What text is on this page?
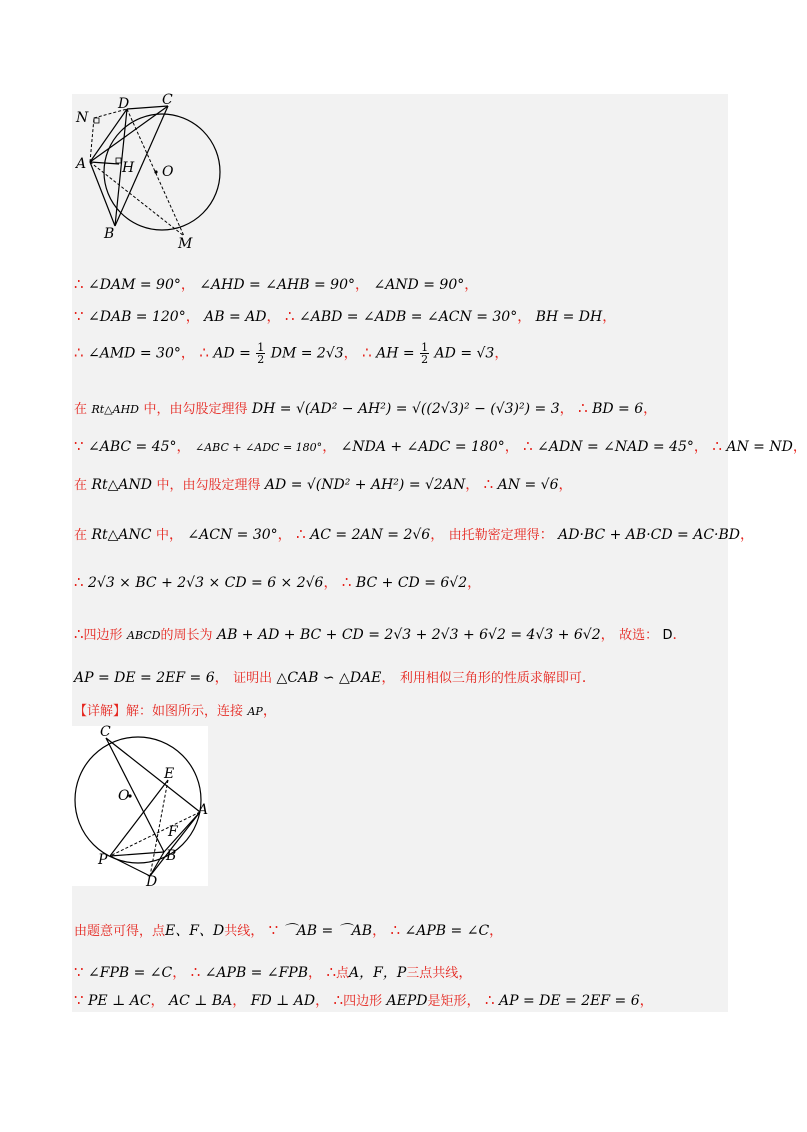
N
D C
A	H O
B
M
∴ ∠DAM = 90°， ∠AHD = ∠AHB = 90°， ∠AND = 90°，
∵ ∠DAB = 120°， AB = AD， ∴ ∠ABD = ∠ADB = ∠ACN = 30°， BH = DH，
∴ ∠AMD = 30°， ∴ AD = $\frac{1}{2}$ DM = 2√3， ∴ AH = $\frac{1}{2}$ AD = √3，
在 Rt△AHD 中，由勾股定理得 DH = √(AD² − AH²) = √((2√3)² − (√3)²) = 3， ∴ BD = 6，
∵ ∠ABC = 45°， ∠ABC + ∠ADC = 180°， ∠NDA + ∠ADC = 180°， ∴ ∠ADN = ∠NAD = 45°， ∴ AN = ND，
在 Rt△AND 中，由勾股定理得 AD = √(ND² + AH²) = √2AN， ∴ AN = √6，
在 Rt△ANC 中， ∠ACN = 30°， ∴ AC = 2AN = 2√6， 由托勒密定理得： AD·BC + AB·CD = AC·BD，
∴ 2√3 × BC + 2√3 × CD = 6 × 2√6， ∴ BC + CD = 6√2，
∴四边形 ABCD的周长为 AB + AD + BC + CD = 2√3 + 2√3 + 6√2 = 4√3 + 6√2， 故选： D．
AP = DE = 2EF = 6， 证明出 △CAB ∽ △DAE， 利用相似三角形的性质求解即可．
【详解】解：如图所示，连接 AP，
C
E
O
A
F
P	B
D
由题意可得，点E、F、D共线， ∵ ⌒AB = ⌒AB， ∴ ∠APB = ∠C，
∵ ∠FPB = ∠C， ∴ ∠APB = ∠FPB， ∴点A，F，P三点共线，
∵ PE ⊥ AC， AC ⊥ BA， FD ⊥ AD， ∴四边形 AEPD是矩形， ∴ AP = DE = 2EF = 6，
